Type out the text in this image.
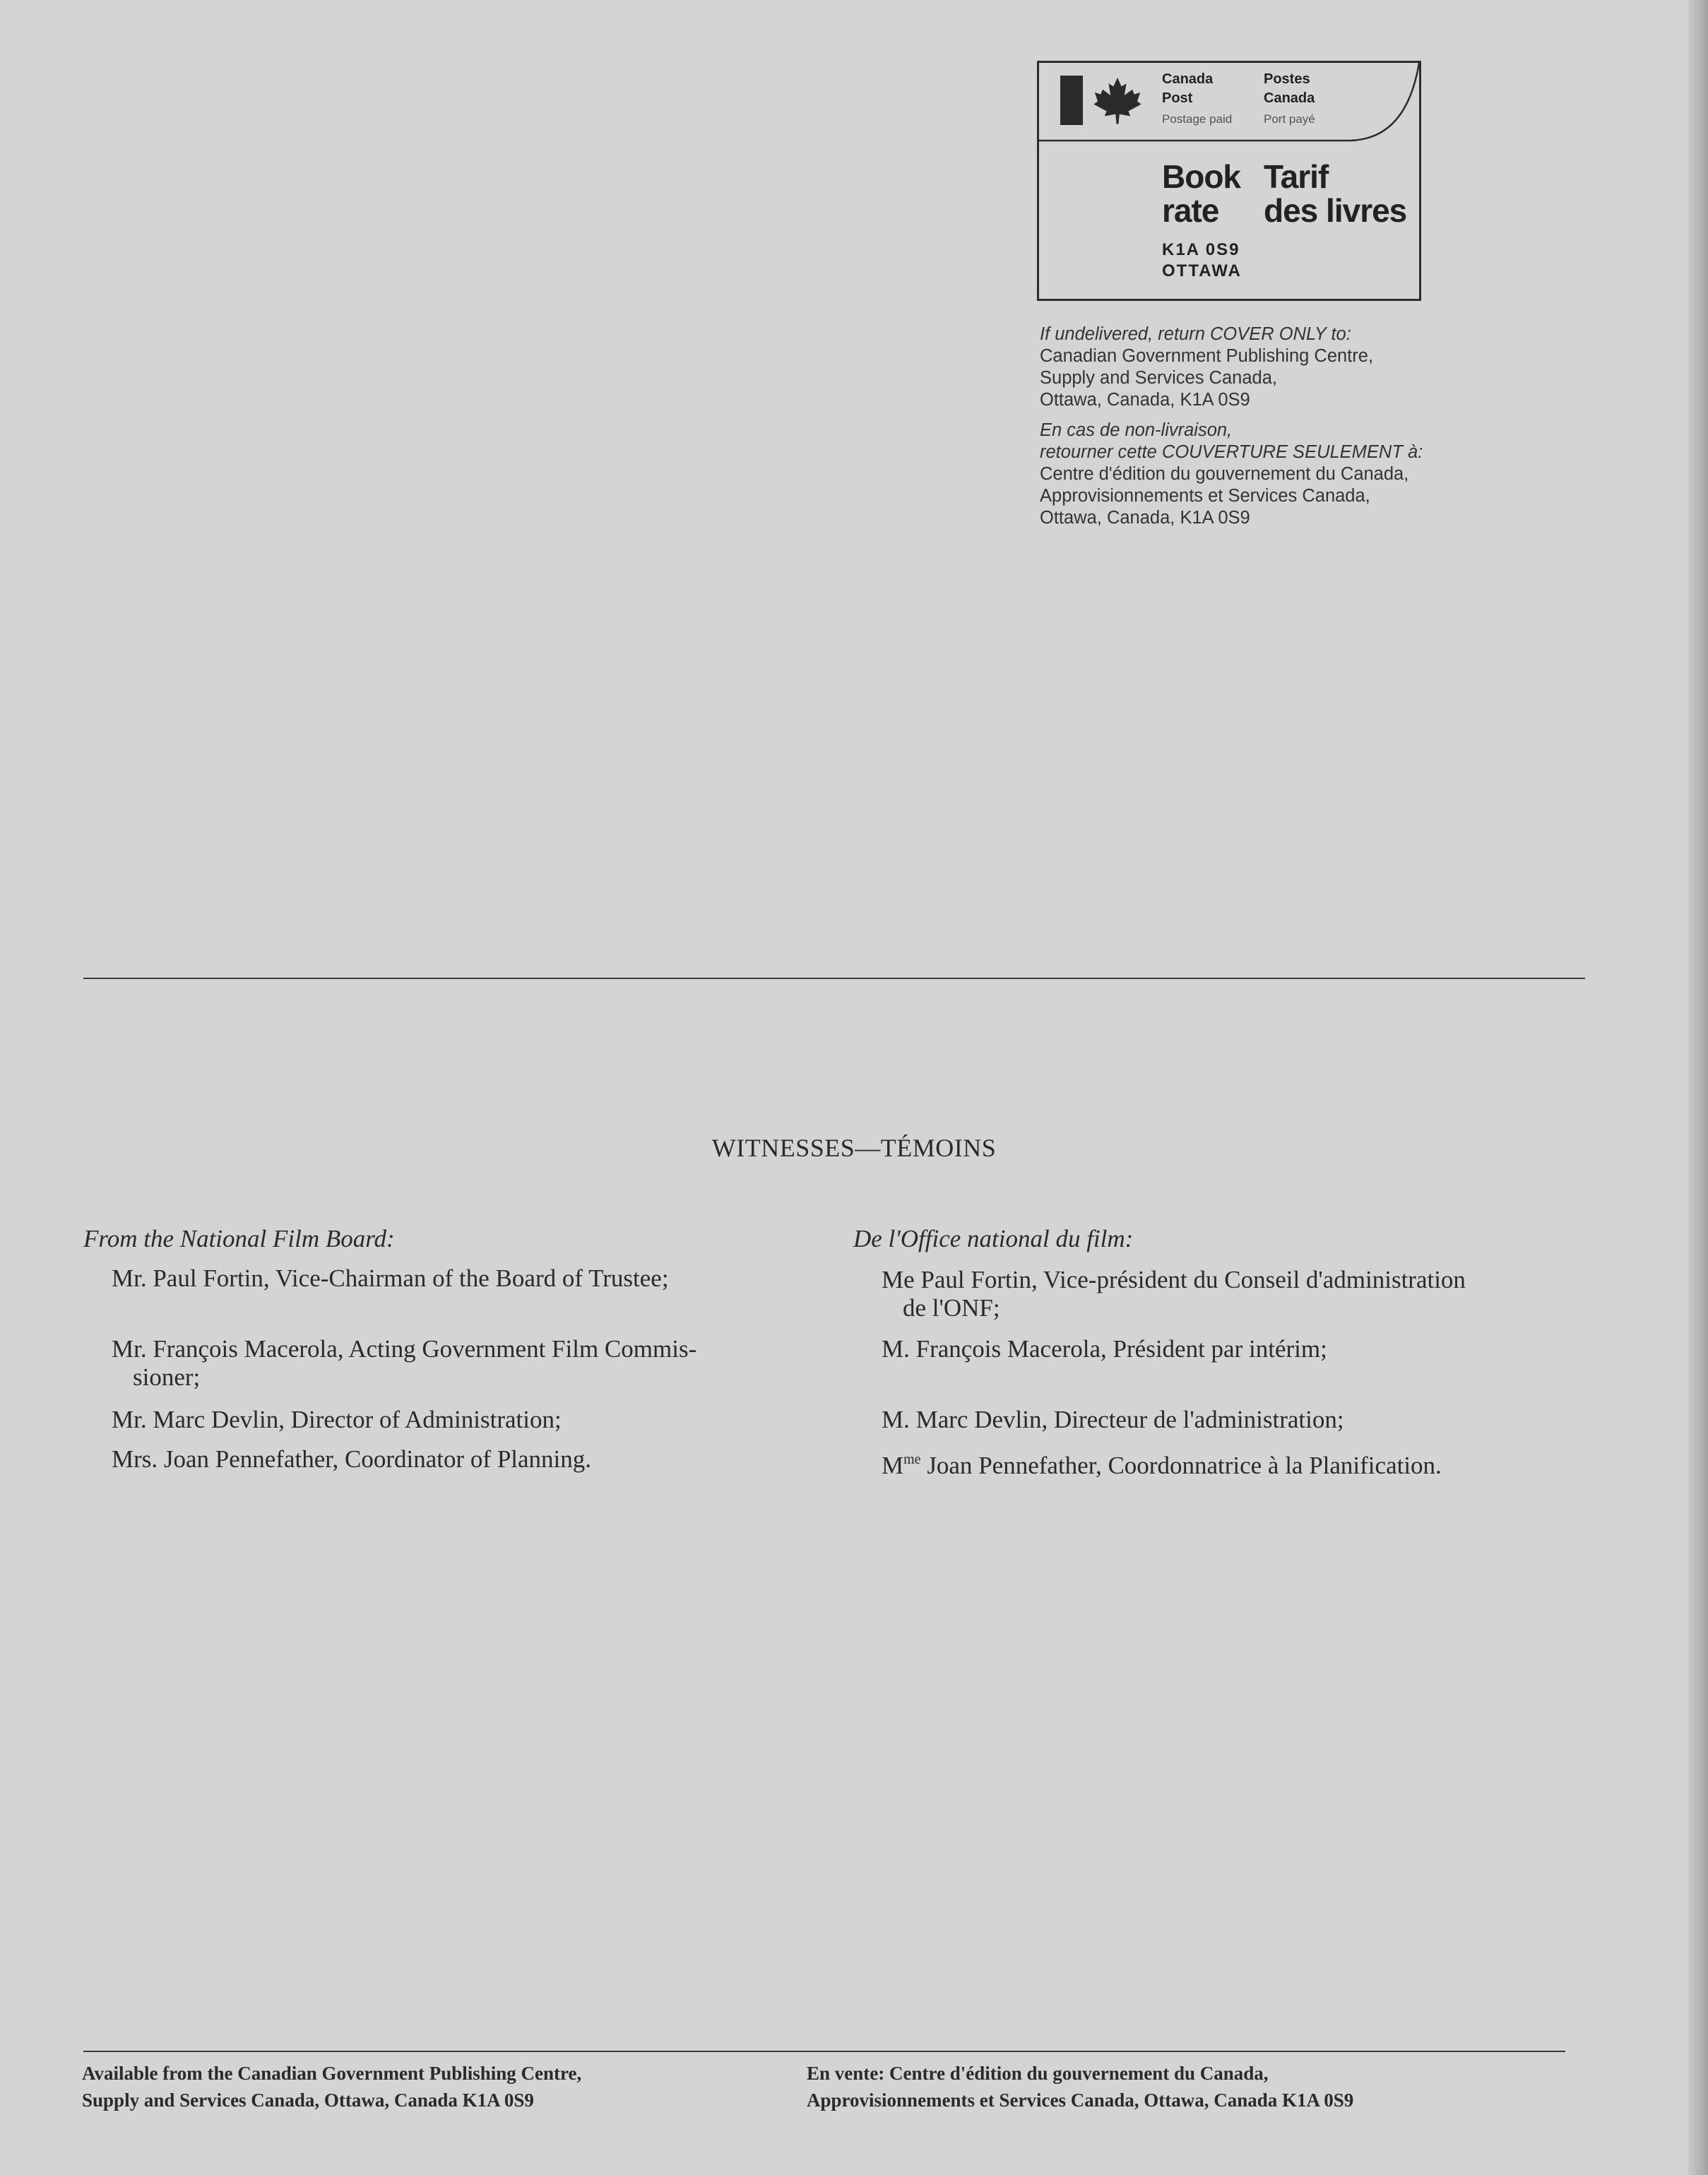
Canada
Post
Postage paid
Postes
Canada
Port payé
Book
rate
Tarif
des livres
K1A 0S9
OTTAWA
If undelivered, return COVER ONLY to:
Canadian Government Publishing Centre,
Supply and Services Canada,
Ottawa, Canada, K1A 0S9
En cas de non-livraison,
retourner cette COUVERTURE SEULEMENT à:
Centre d'édition du gouvernement du Canada,
Approvisionnements et Services Canada,
Ottawa, Canada, K1A 0S9
WITNESSES—TÉMOINS
From the National Film Board:
Mr. Paul Fortin, Vice-Chairman of the Board of Trustee;
Mr. François Macerola, Acting Government Film Commis-
sioner;
Mr. Marc Devlin, Director of Administration;
Mrs. Joan Pennefather, Coordinator of Planning.
De l'Office national du film:
Me Paul Fortin, Vice-président du Conseil d'administration
de l'ONF;
M. François Macerola, Président par intérim;
M. Marc Devlin, Directeur de l'administration;
$M^{me}$ Joan Pennefather, Coordonnatrice à la Planification.
Available from the Canadian Government Publishing Centre,
Supply and Services Canada, Ottawa, Canada K1A 0S9
En vente: Centre d'édition du gouvernement du Canada,
Approvisionnements et Services Canada, Ottawa, Canada K1A 0S9
